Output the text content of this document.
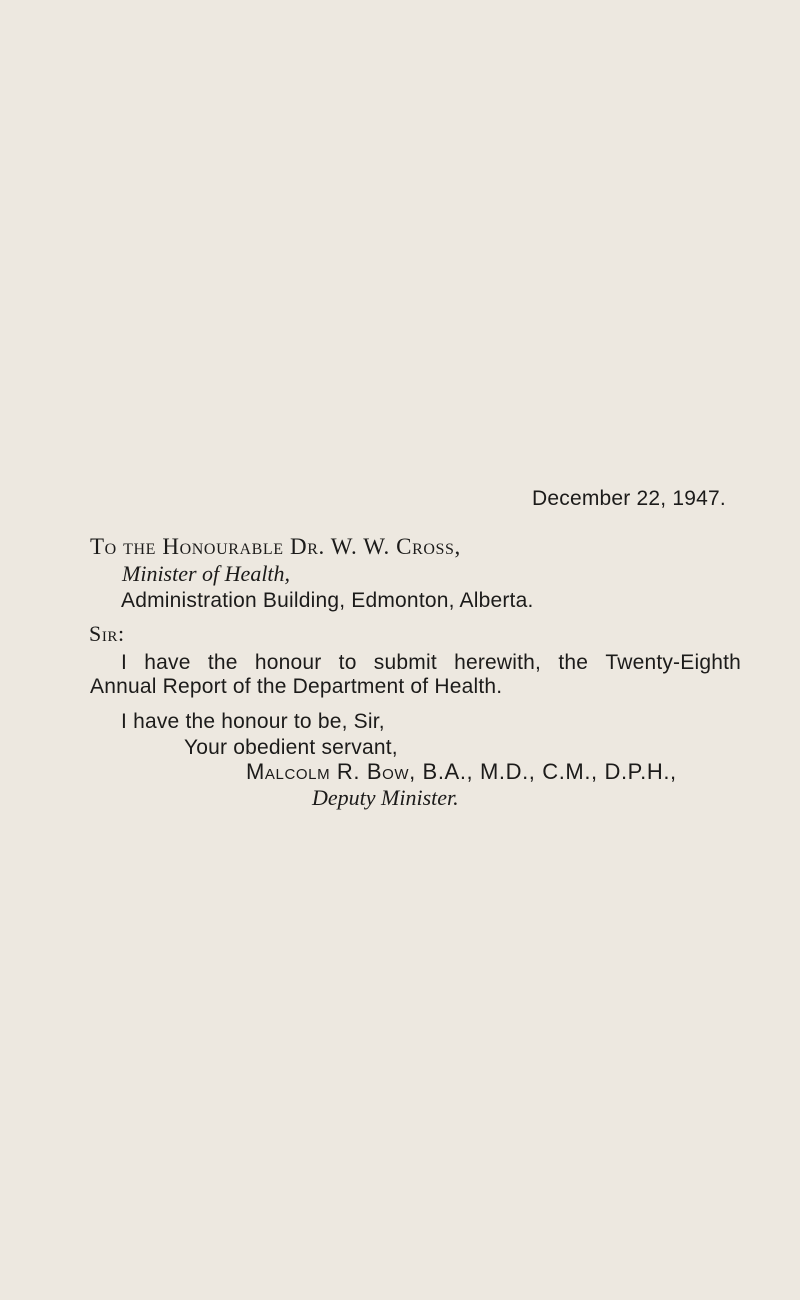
December 22, 1947.
To the Honourable Dr. W. W. Cross,
Minister of Health,
Administration Building, Edmonton, Alberta.
Sir:
I have the honour to submit herewith, the Twenty-Eighth
Annual Report of the Department of Health.
I have the honour to be, Sir,
Your obedient servant,
Malcolm R. Bow, B.A., M.D., C.M., D.P.H.,
Deputy Minister.
